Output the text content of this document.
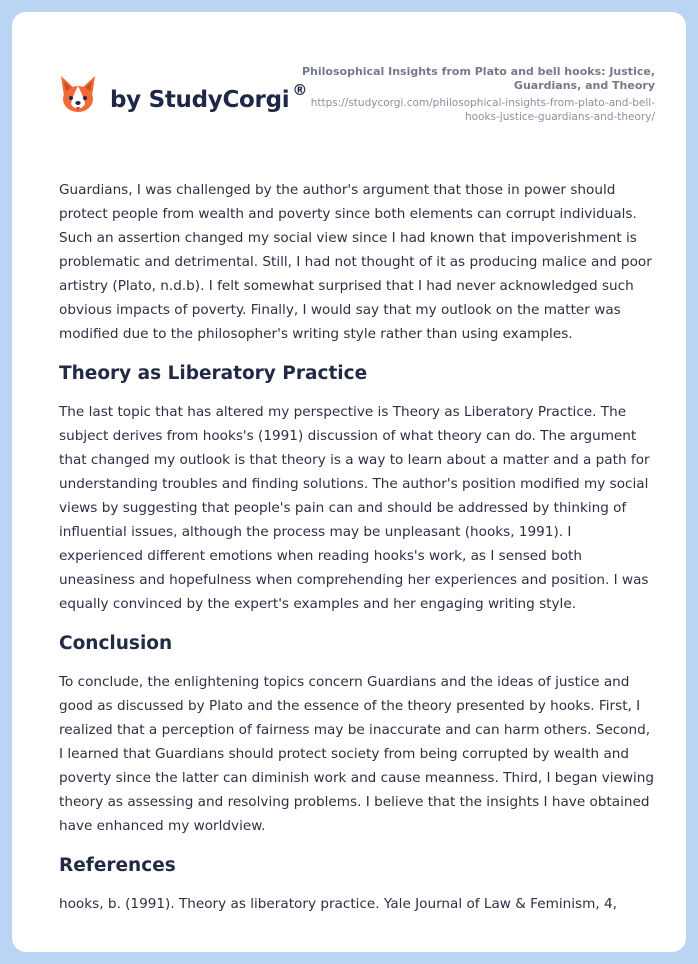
by StudyCorgi ®
Philosophical Insights from Plato and bell hooks: Justice, Guardians, and Theory
https://studycorgi.com/philosophical-insights-from-plato-and-bell-hooks-justice-guardians-and-theory/

Guardians, I was challenged by the author's argument that those in power should protect people from wealth and poverty since both elements can corrupt individuals. Such an assertion changed my social view since I had known that impoverishment is problematic and detrimental. Still, I had not thought of it as producing malice and poor artistry (Plato, n.d.b). I felt somewhat surprised that I had never acknowledged such obvious impacts of poverty. Finally, I would say that my outlook on the matter was modified due to the philosopher's writing style rather than using examples.

Theory as Liberatory Practice

The last topic that has altered my perspective is Theory as Liberatory Practice. The subject derives from hooks's (1991) discussion of what theory can do. The argument that changed my outlook is that theory is a way to learn about a matter and a path for understanding troubles and finding solutions. The author's position modified my social views by suggesting that people's pain can and should be addressed by thinking of influential issues, although the process may be unpleasant (hooks, 1991). I experienced different emotions when reading hooks's work, as I sensed both uneasiness and hopefulness when comprehending her experiences and position. I was equally convinced by the expert's examples and her engaging writing style.

Conclusion

To conclude, the enlightening topics concern Guardians and the ideas of justice and good as discussed by Plato and the essence of the theory presented by hooks. First, I realized that a perception of fairness may be inaccurate and can harm others. Second, I learned that Guardians should protect society from being corrupted by wealth and poverty since the latter can diminish work and cause meanness. Third, I began viewing theory as assessing and resolving problems. I believe that the insights I have obtained have enhanced my worldview.

References

hooks, b. (1991). Theory as liberatory practice. Yale Journal of Law & Feminism, 4,
